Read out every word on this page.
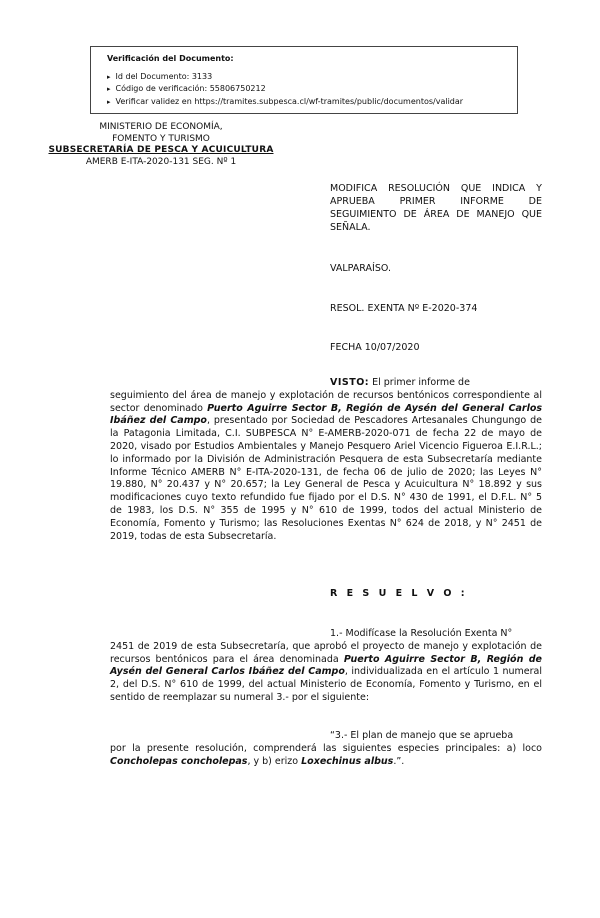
Verificación del Documento:
▸ Id del Documento: 3133
▸ Código de verificación: 55806750212
▸ Verificar validez en https://tramites.subpesca.cl/wf-tramites/public/documentos/validar
MINISTERIO DE ECONOMÍA,
FOMENTO Y TURISMO
SUBSECRETARÍA DE PESCA Y ACUICULTURA
AMERB E-ITA-2020-131 SEG. Nº 1
MODIFICA RESOLUCIÓN QUE INDICA Y APRUEBA PRIMER INFORME DE SEGUIMIENTO DE ÁREA DE MANEJO QUE SEÑALA.
VALPARAÍSO.
RESOL. EXENTA Nº E-2020-374
FECHA 10/07/2020
VISTO: El primer informe de
seguimiento del área de manejo y explotación de recursos bentónicos correspondiente al sector denominado Puerto Aguirre Sector B, Región de Aysén del General Carlos Ibáñez del Campo, presentado por Sociedad de Pescadores Artesanales Chungungo de la Patagonia Limitada, C.I. SUBPESCA N° E-AMERB-2020-071 de fecha 22 de mayo de 2020, visado por Estudios Ambientales y Manejo Pesquero Ariel Vicencio Figueroa E.I.R.L.; lo informado por la División de Administración Pesquera de esta Subsecretaría mediante Informe Técnico AMERB N° E-ITA-2020-131, de fecha 06 de julio de 2020; las Leyes N° 19.880, N° 20.437 y N° 20.657; la Ley General de Pesca y Acuicultura N° 18.892 y sus modificaciones cuyo texto refundido fue fijado por el D.S. N° 430 de 1991, el D.F.L. N° 5 de 1983, los D.S. N° 355 de 1995 y N° 610 de 1999, todos del actual Ministerio de Economía, Fomento y Turismo; las Resoluciones Exentas N° 624 de 2018, y N° 2451 de 2019, todas de esta Subsecretaría.
R E S U E L V O :
1.- Modifícase la Resolución Exenta N°
2451 de 2019 de esta Subsecretaría, que aprobó el proyecto de manejo y explotación de recursos bentónicos para el área denominada Puerto Aguirre Sector B, Región de Aysén del General Carlos Ibáñez del Campo, individualizada en el artículo 1 numeral 2, del D.S. N° 610 de 1999, del actual Ministerio de Economía, Fomento y Turismo, en el sentido de reemplazar su numeral 3.- por el siguiente:
“3.- El plan de manejo que se aprueba
por la presente resolución, comprenderá las siguientes especies principales: a) loco Concholepas concholepas, y b) erizo Loxechinus albus.”.
